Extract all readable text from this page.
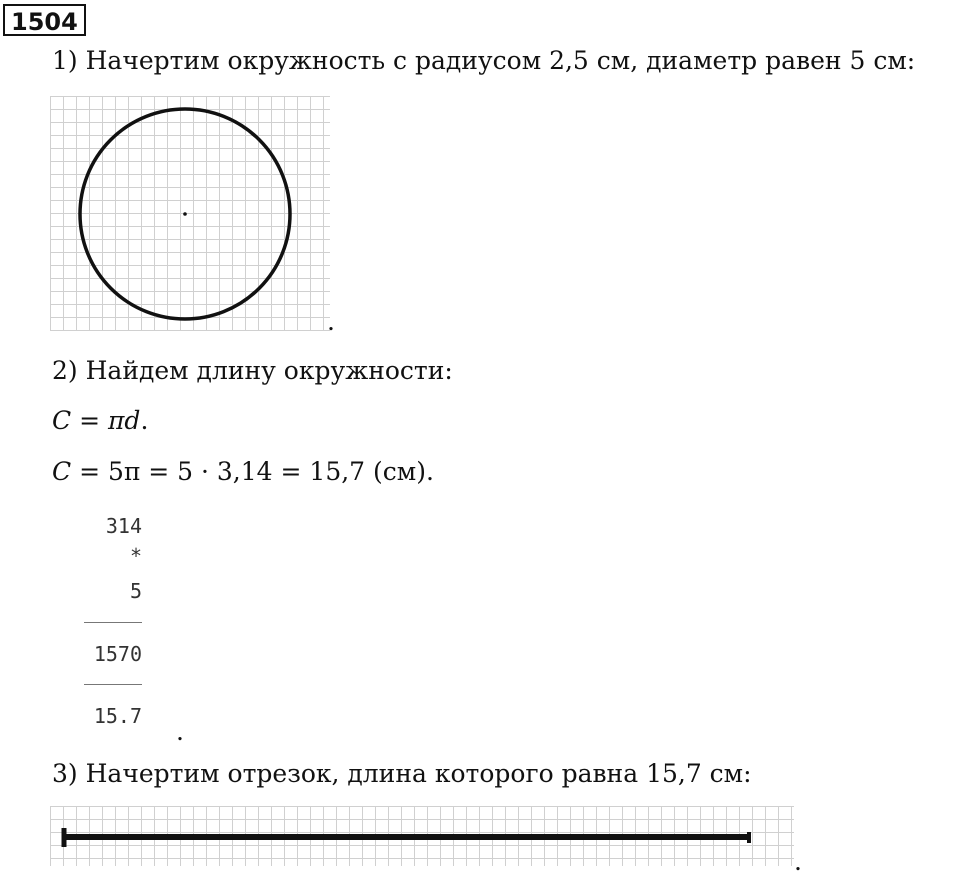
1504
1) Начертим окружность с радиусом 2,5 см, диаметр равен 5 см:
.
2) Найдем длину окружности:
C = πd.
C = 5π = 5 · 3,14 = 15,7 (см).
314
*
5
1570
15.7
.
3) Начертим отрезок, длина которого равна 15,7 см:
.
